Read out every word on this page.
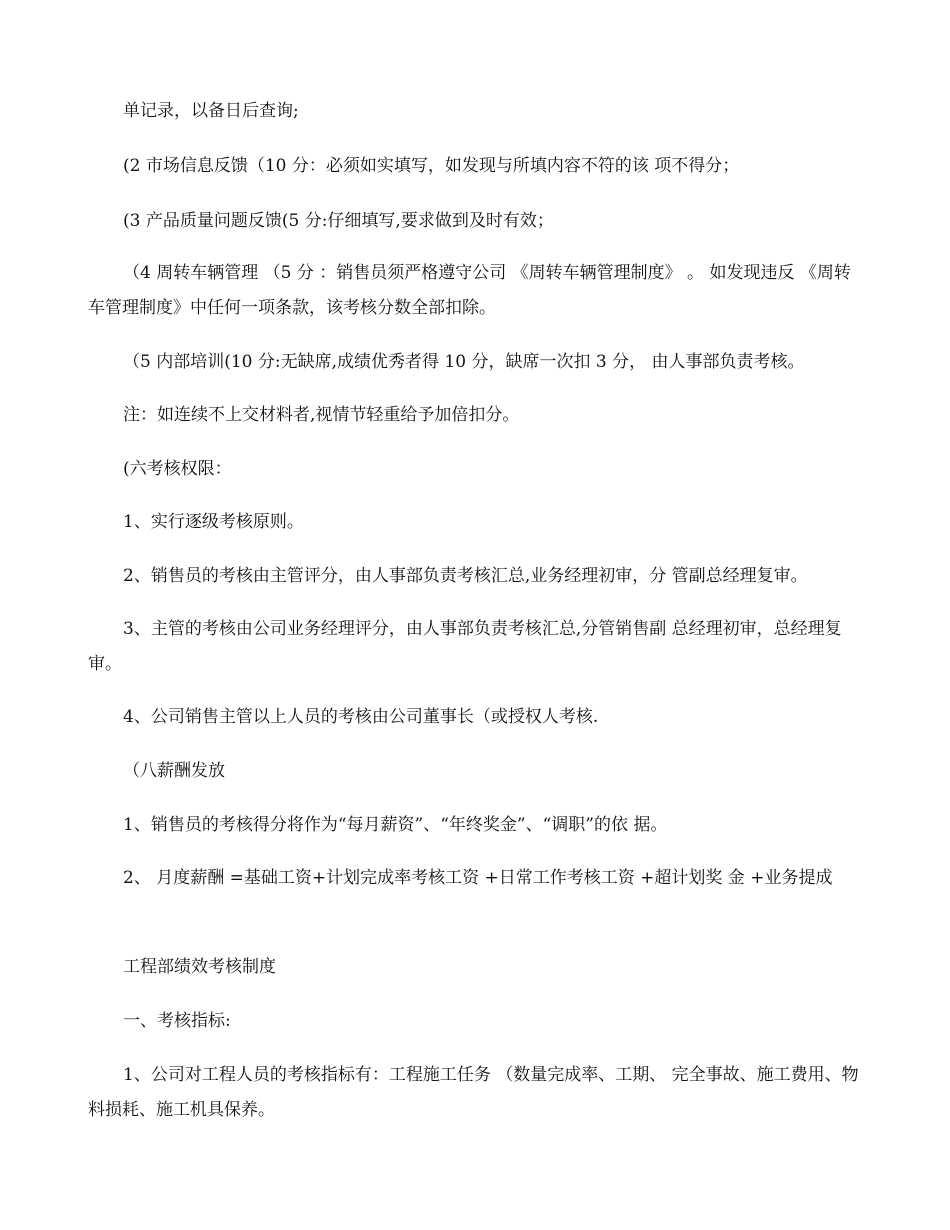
单记录，以备日后查询;

(2 市场信息反馈（10 分：必须如实填写，如发现与所填内容不符的该 项不得分；

(3 产品质量问题反馈(5 分:仔细填写,要求做到及时有效；

（4 周转车辆管理 （5 分 ：销售员须严格遵守公司 《周转车辆管理制度》 。 如发现违反 《周转车管理制度》中任何一项条款，该考核分数全部扣除。

（5 内部培训(10 分:无缺席,成绩优秀者得 10 分，缺席一次扣 3 分， 由人事部负责考核。

注：如连续不上交材料者,视情节轻重给予加倍扣分。

(六考核权限：

1、实行逐级考核原则。

2、销售员的考核由主管评分，由人事部负责考核汇总,业务经理初审，分 管副总经理复审。

3、主管的考核由公司业务经理评分，由人事部负责考核汇总,分管销售副 总经理初审，总经理复审。

4、公司销售主管以上人员的考核由公司董事长（或授权人考核.

（八薪酬发放

1、销售员的考核得分将作为“每月薪资”、“年终奖金”、“调职”的依 据。

2、 月度薪酬 =基础工资+计划完成率考核工资 +日常工作考核工资 +超计划奖 金 +业务提成

工程部绩效考核制度

一、考核指标:

1、公司对工程人员的考核指标有：工程施工任务 （数量完成率、工期、 完全事故、施工费用、物料损耗、施工机具保养。
